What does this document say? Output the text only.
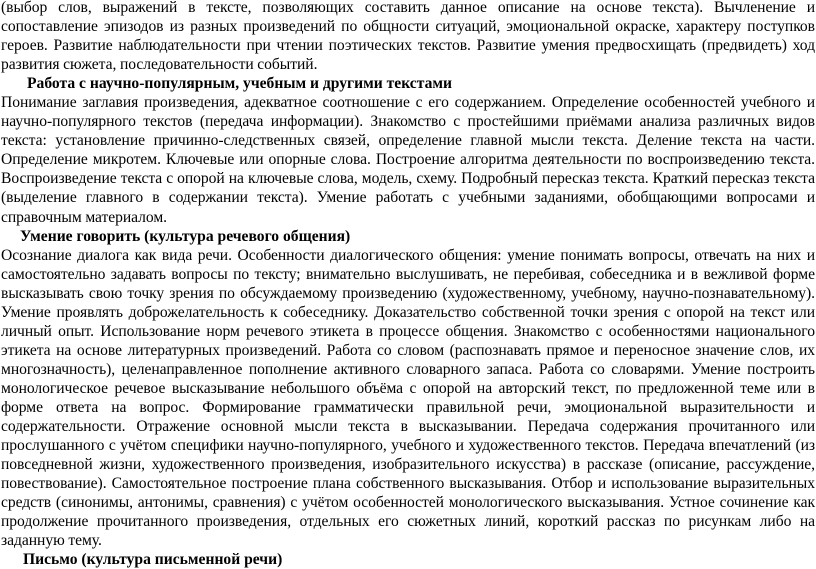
(выбор слов, выражений в тексте, позволяющих составить данное описание на основе текста). Вычленение и сопоставление эпизодов из разных произведений по общности ситуаций, эмоциональной окраске, характеру поступков героев. Развитие наблюдательности при чтении поэтических текстов. Развитие умения предвосхищать (предвидеть) ход развития сюжета, последовательности событий.

Работа с научно-популярным, учебным и другими текстами

Понимание заглавия произведения, адекватное соотношение с его содержанием. Определение особенностей учебного и научно-популярного текстов (передача информации). Знакомство с простейшими приёмами анализа различных видов текста: установление причинно-следственных связей, определение главной мысли текста. Деление текста на части. Определение микротем. Ключевые или опорные слова. Построение алгоритма деятельности по воспроизведению текста. Воспроизведение текста с опорой на ключевые слова, модель, схему. Подробный пересказ текста. Краткий пересказ текста (выделение главного в содержании текста). Умение работать с учебными заданиями, обобщающими вопросами и справочным материалом.

Умение говорить (культура речевого общения)

Осознание диалога как вида речи. Особенности диалогического общения: умение понимать вопросы, отвечать на них и самостоятельно задавать вопросы по тексту; внимательно выслушивать, не перебивая, собеседника и в вежливой форме высказывать свою точку зрения по обсуждаемому произведению (художественному, учебному, научно-познавательному). Умение проявлять доброжелательность к собеседнику. Доказательство собственной точки зрения с опорой на текст или личный опыт. Использование норм речевого этикета в процессе общения. Знакомство с особенностями национального этикета на основе литературных произведений. Работа со словом (распознавать прямое и переносное значение слов, их многозначность), целенаправленное пополнение активного словарного запаса. Работа со словарями. Умение построить монологическое речевое высказывание небольшого объёма с опорой на авторский текст, по предложенной теме или в форме ответа на вопрос. Формирование грамматически правильной речи, эмоциональной выразительности и содержательности. Отражение основной мысли текста в высказывании. Передача содержания прочитанного или прослушанного с учётом специфики научно-популярного, учебного и художественного текстов. Передача впечатлений (из повседневной жизни, художественного произведения, изобразительного искусства) в рассказе (описание, рассуждение, повествование). Самостоятельное построение плана собственного высказывания. Отбор и использование выразительных средств (синонимы, антонимы, сравнения) с учётом особенностей монологического высказывания. Устное сочинение как продолжение прочитанного произведения, отдельных его сюжетных линий, короткий рассказ по рисункам либо на заданную тему.

Письмо (культура письменной речи)
